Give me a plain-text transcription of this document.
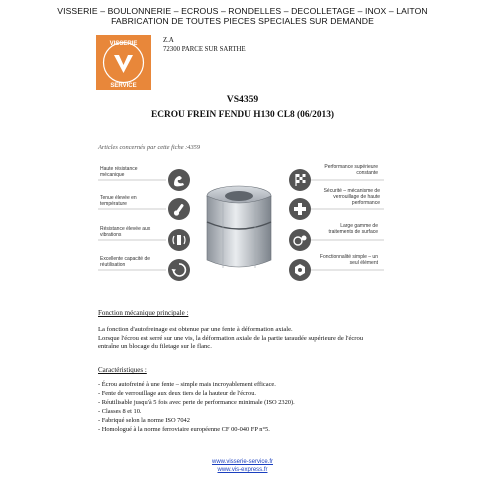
VISSERIE – BOULONNERIE – ECROUS – RONDELLES – DECOLLETAGE – INOX – LAITON
FABRICATION DE TOUTES PIECES SPECIALES SUR DEMANDE
VISSERIE
SERVICE
Z.A
72300 PARCE SUR SARTHE
VS4359
ECROU FREIN FENDU H130 CL8 (06/2013)
Articles concernés par cette fiche :4359
Haute résistance mécanique
Tenue élevée en température
Résistance élevée aux vibrations
Excellente capacité de réutilisation
Performance supérieure constante
Sécurité – mécanisme de verrouillage de haute performance
Large gamme de traitements de surface
Fonctionnalité simple – un seul élément
Fonction mécanique principale :
La fonction d'autofreinage est obtenue par une fente à déformation axiale.
Lorsque l'écrou est serré sur une vis, la déformation axiale de la partie taraudée supérieure de l'écrou
entraîne un blocage du filetage sur le flanc.
Caractéristiques :
- Écrou autofreiné à une fente – simple mais incroyablement efficace.
- Fente de verrouillage aux deux tiers de la hauteur de l'écrou.
- Réutilisable jusqu'à 5 fois avec perte de performance minimale (ISO 2320).
- Classes 8 et 10.
- Fabriqué selon la norme ISO 7042
- Homologué à la norme ferroviaire européenne CF 00-040 FP n°5.
www.visserie-service.fr
www.vis-express.fr
